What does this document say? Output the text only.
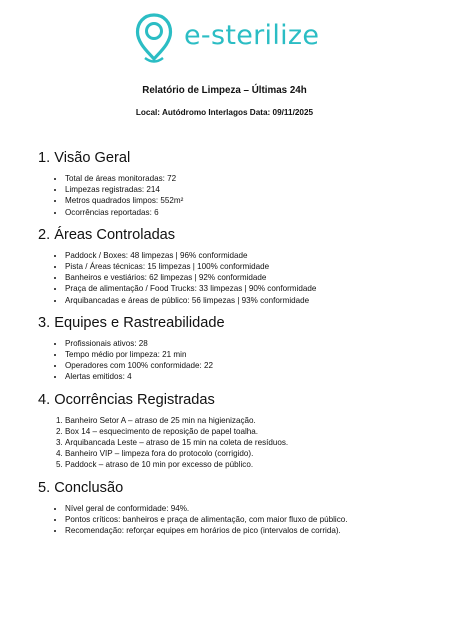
e-sterilize
Relatório de Limpeza – Últimas 24h
Local: Autódromo Interlagos Data: 09/11/2025
1. Visão Geral
• Total de áreas monitoradas: 72
• Limpezas registradas: 214
• Metros quadrados limpos: 552m²
• Ocorrências reportadas: 6
2. Áreas Controladas
• Paddock / Boxes: 48 limpezas | 96% conformidade
• Pista / Áreas técnicas: 15 limpezas | 100% conformidade
• Banheiros e vestiários: 62 limpezas | 92% conformidade
• Praça de alimentação / Food Trucks: 33 limpezas | 90% conformidade
• Arquibancadas e áreas de público: 56 limpezas | 93% conformidade
3. Equipes e Rastreabilidade
• Profissionais ativos: 28
• Tempo médio por limpeza: 21 min
• Operadores com 100% conformidade: 22
• Alertas emitidos: 4
4. Ocorrências Registradas
1. Banheiro Setor A – atraso de 25 min na higienização.
2. Box 14 – esquecimento de reposição de papel toalha.
3. Arquibancada Leste – atraso de 15 min na coleta de resíduos.
4. Banheiro VIP – limpeza fora do protocolo (corrigido).
5. Paddock – atraso de 10 min por excesso de público.
5. Conclusão
• Nível geral de conformidade: 94%.
• Pontos críticos: banheiros e praça de alimentação, com maior fluxo de público.
• Recomendação: reforçar equipes em horários de pico (intervalos de corrida).
